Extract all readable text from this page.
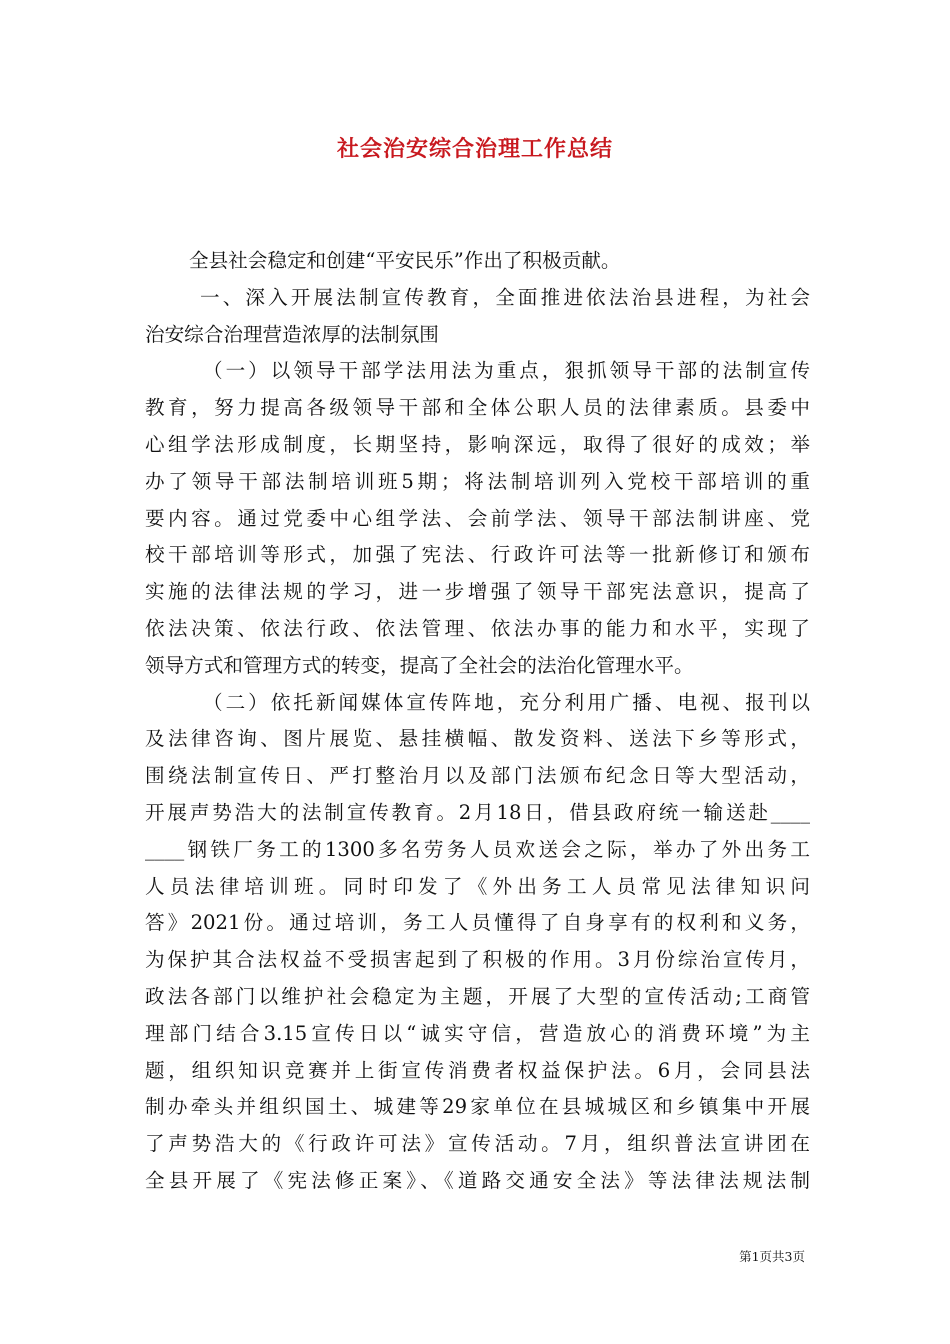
社会治安综合治理工作总结
全县社会稳定和创建“平安民乐”作出了积极贡献。
一、深入开展法制宣传教育，全面推进依法治县进程，为社会
治安综合治理营造浓厚的法制氛围
（一）以领导干部学法用法为重点，狠抓领导干部的法制宣传
教育，努力提高各级领导干部和全体公职人员的法律素质。县委中
心组学法形成制度，长期坚持，影响深远，取得了很好的成效；举
办了领导干部法制培训班5期；将法制培训列入党校干部培训的重
要内容。通过党委中心组学法、会前学法、领导干部法制讲座、党
校干部培训等形式，加强了宪法、行政许可法等一批新修订和颁布
实施的法律法规的学习，进一步增强了领导干部宪法意识，提高了
依法决策、依法行政、依法管理、依法办事的能力和水平，实现了
领导方式和管理方式的转变，提高了全社会的法治化管理水平。
（二）依托新闻媒体宣传阵地，充分利用广播、电视、报刊以
及法律咨询、图片展览、悬挂横幅、散发资料、送法下乡等形式，
围绕法制宣传日、严打整治月以及部门法颁布纪念日等大型活动，
开展声势浩大的法制宣传教育。2月18日，借县政府统一输送赴____
____钢铁厂务工的1300多名劳务人员欢送会之际，举办了外出务工
人员法律培训班。同时印发了《外出务工人员常见法律知识问
答》2021份。通过培训，务工人员懂得了自身享有的权利和义务，
为保护其合法权益不受损害起到了积极的作用。3月份综治宣传月，
政法各部门以维护社会稳定为主题，开展了大型的宣传活动;工商管
理部门结合3.15宣传日以“诚实守信，营造放心的消费环境”为主
题，组织知识竞赛并上街宣传消费者权益保护法。6月，会同县法
制办牵头并组织国土、城建等29家单位在县城城区和乡镇集中开展
了声势浩大的《行政许可法》宣传活动。7月，组织普法宣讲团在
全县开展了《宪法修正案》、《道路交通安全法》等法律法规法制
第1页共3页
